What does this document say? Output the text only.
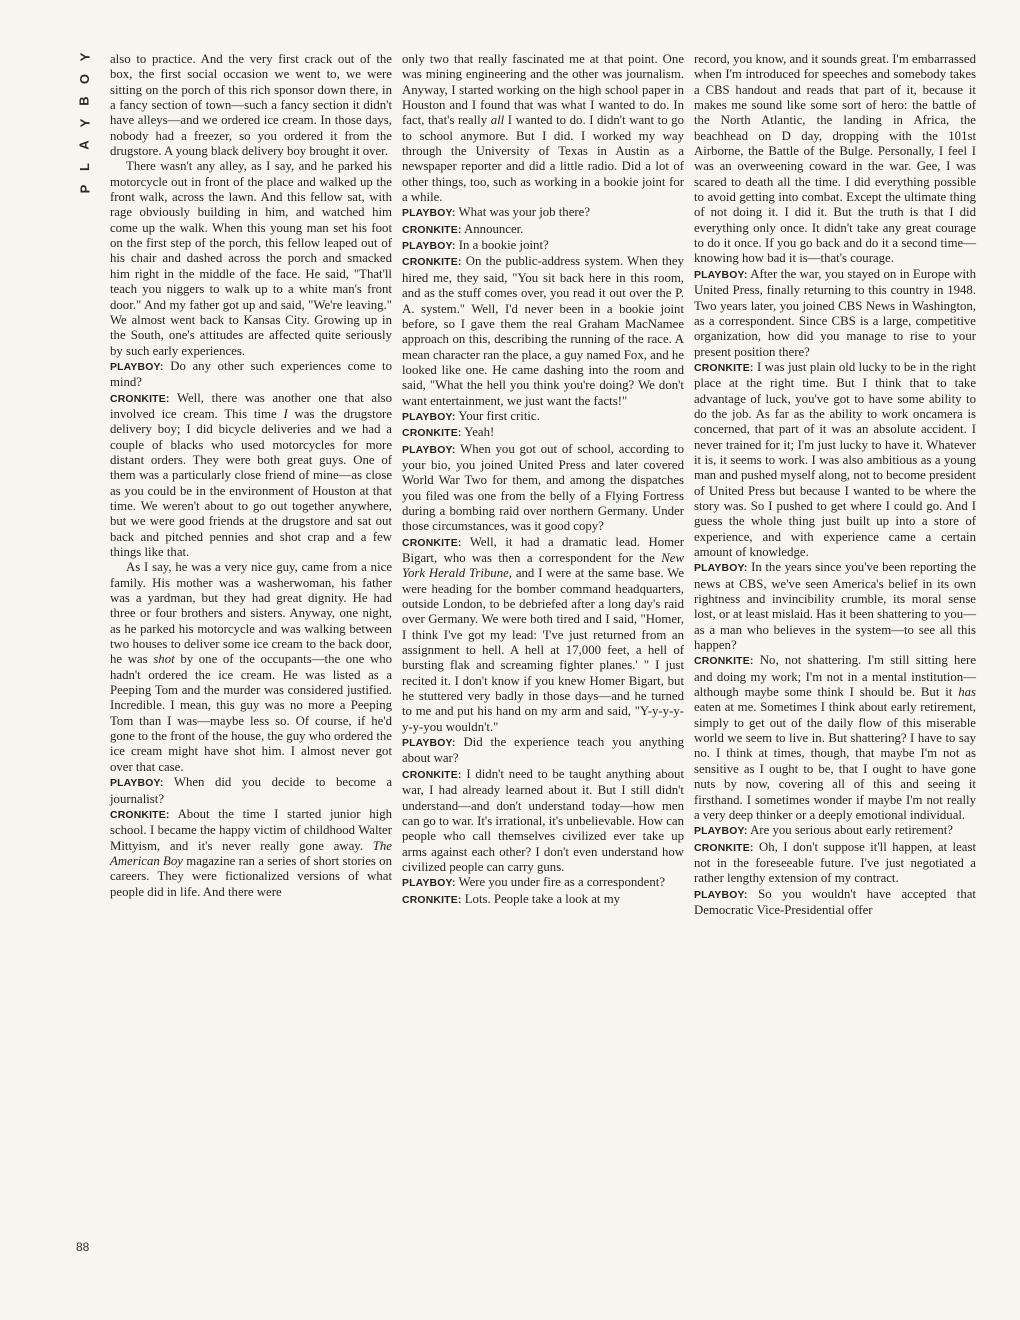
Y
O
B
Y
A
L
P
88

also to practice. And the very first crack out of the box, the first social occasion we went to, we were sitting on the porch of this rich sponsor down there, in a fancy section of town—such a fancy section it didn't have alleys—and we ordered ice cream. In those days, nobody had a freezer, so you ordered it from the drugstore. A young black delivery boy brought it over.

There wasn't any alley, as I say, and he parked his motorcycle out in front of the place and walked up the front walk, across the lawn. And this fellow sat, with rage obviously building in him, and watched him come up the walk. When this young man set his foot on the first step of the porch, this fellow leaped out of his chair and dashed across the porch and smacked him right in the middle of the face. He said, "That'll teach you niggers to walk up to a white man's front door." And my father got up and said, "We're leaving." We almost went back to Kansas City. Growing up in the South, one's attitudes are affected quite seriously by such early experiences.

PLAYBOY: Do any other such experiences come to mind?

CRONKITE: Well, there was another one that also involved ice cream. This time I was the drugstore delivery boy; I did bicycle deliveries and we had a couple of blacks who used motorcycles for more distant orders. They were both great guys. One of them was a particularly close friend of mine—as close as you could be in the environment of Houston at that time. We weren't about to go out together anywhere, but we were good friends at the drugstore and sat out back and pitched pennies and shot crap and a few things like that.

As I say, he was a very nice guy, came from a nice family. His mother was a washerwoman, his father was a yardman, but they had great dignity. He had three or four brothers and sisters. Anyway, one night, as he parked his motorcycle and was walking between two houses to deliver some ice cream to the back door, he was shot by one of the occupants—the one who hadn't ordered the ice cream. He was listed as a Peeping Tom and the murder was considered justified. Incredible. I mean, this guy was no more a Peeping Tom than I was—maybe less so. Of course, if he'd gone to the front of the house, the guy who ordered the ice cream might have shot him. I almost never got over that case.

PLAYBOY: When did you decide to become a journalist?

CRONKITE: About the time I started junior high school. I became the happy victim of childhood Walter Mittyism, and it's never really gone away. The American Boy magazine ran a series of short stories on careers. They were fictionalized versions of what people did in life. And there were

only two that really fascinated me at that point. One was mining engineering and the other was journalism. Anyway, I started working on the high school paper in Houston and I found that was what I wanted to do. In fact, that's really all I wanted to do. I didn't want to go to school anymore. But I did. I worked my way through the University of Texas in Austin as a newspaper reporter and did a little radio. Did a lot of other things, too, such as working in a bookie joint for a while.

PLAYBOY: What was your job there?

CRONKITE: Announcer.

PLAYBOY: In a bookie joint?

CRONKITE: On the public-address system. When they hired me, they said, "You sit back here in this room, and as the stuff comes over, you read it out over the P. A. system." Well, I'd never been in a bookie joint before, so I gave them the real Graham MacNamee approach on this, describing the running of the race. A mean character ran the place, a guy named Fox, and he looked like one. He came dashing into the room and said, "What the hell you think you're doing? We don't want entertainment, we just want the facts!"

PLAYBOY: Your first critic.

CRONKITE: Yeah!

PLAYBOY: When you got out of school, according to your bio, you joined United Press and later covered World War Two for them, and among the dispatches you filed was one from the belly of a Flying Fortress during a bombing raid over northern Germany. Under those circumstances, was it good copy?

CRONKITE: Well, it had a dramatic lead. Homer Bigart, who was then a correspondent for the New York Herald Tribune, and I were at the same base. We were heading for the bomber command headquarters, outside London, to be debriefed after a long day's raid over Germany. We were both tired and I said, "Homer, I think I've got my lead: 'I've just returned from an assignment to hell. A hell at 17,000 feet, a hell of bursting flak and screaming fighter planes.' " I just recited it. I don't know if you knew Homer Bigart, but he stuttered very badly in those days—and he turned to me and put his hand on my arm and said, "Y-y-y-y-y-y-you wouldn't."

PLAYBOY: Did the experience teach you anything about war?

CRONKITE: I didn't need to be taught anything about war, I had already learned about it. But I still didn't understand—and don't understand today—how men can go to war. It's irrational, it's unbelievable. How can people who call themselves civilized ever take up arms against each other? I don't even understand how civilized people can carry guns.

PLAYBOY: Were you under fire as a correspondent?

CRONKITE: Lots. People take a look at my

record, you know, and it sounds great. I'm embarrassed when I'm introduced for speeches and somebody takes a CBS handout and reads that part of it, because it makes me sound like some sort of hero: the battle of the North Atlantic, the landing in Africa, the beachhead on D day, dropping with the 101st Airborne, the Battle of the Bulge. Personally, I feel I was an overweening coward in the war. Gee, I was scared to death all the time. I did everything possible to avoid getting into combat. Except the ultimate thing of not doing it. I did it. But the truth is that I did everything only once. It didn't take any great courage to do it once. If you go back and do it a second time—knowing how bad it is—that's courage.

PLAYBOY: After the war, you stayed on in Europe with United Press, finally returning to this country in 1948. Two years later, you joined CBS News in Washington, as a correspondent. Since CBS is a large, competitive organization, how did you manage to rise to your present position there?

CRONKITE: I was just plain old lucky to be in the right place at the right time. But I think that to take advantage of luck, you've got to have some ability to do the job. As far as the ability to work oncamera is concerned, that part of it was an absolute accident. I never trained for it; I'm just lucky to have it. Whatever it is, it seems to work. I was also ambitious as a young man and pushed myself along, not to become president of United Press but because I wanted to be where the story was. So I pushed to get where I could go. And I guess the whole thing just built up into a store of experience, and with experience came a certain amount of knowledge.

PLAYBOY: In the years since you've been reporting the news at CBS, we've seen America's belief in its own rightness and invincibility crumble, its moral sense lost, or at least mislaid. Has it been shattering to you—as a man who believes in the system—to see all this happen?

CRONKITE: No, not shattering. I'm still sitting here and doing my work; I'm not in a mental institution—although maybe some think I should be. But it has eaten at me. Sometimes I think about early retirement, simply to get out of the daily flow of this miserable world we seem to live in. But shattering? I have to say no. I think at times, though, that maybe I'm not as sensitive as I ought to be, that I ought to have gone nuts by now, covering all of this and seeing it firsthand. I sometimes wonder if maybe I'm not really a very deep thinker or a deeply emotional individual.

PLAYBOY: Are you serious about early retirement?

CRONKITE: Oh, I don't suppose it'll happen, at least not in the foreseeable future. I've just negotiated a rather lengthy extension of my contract.

PLAYBOY: So you wouldn't have accepted that Democratic Vice-Presidential offer
